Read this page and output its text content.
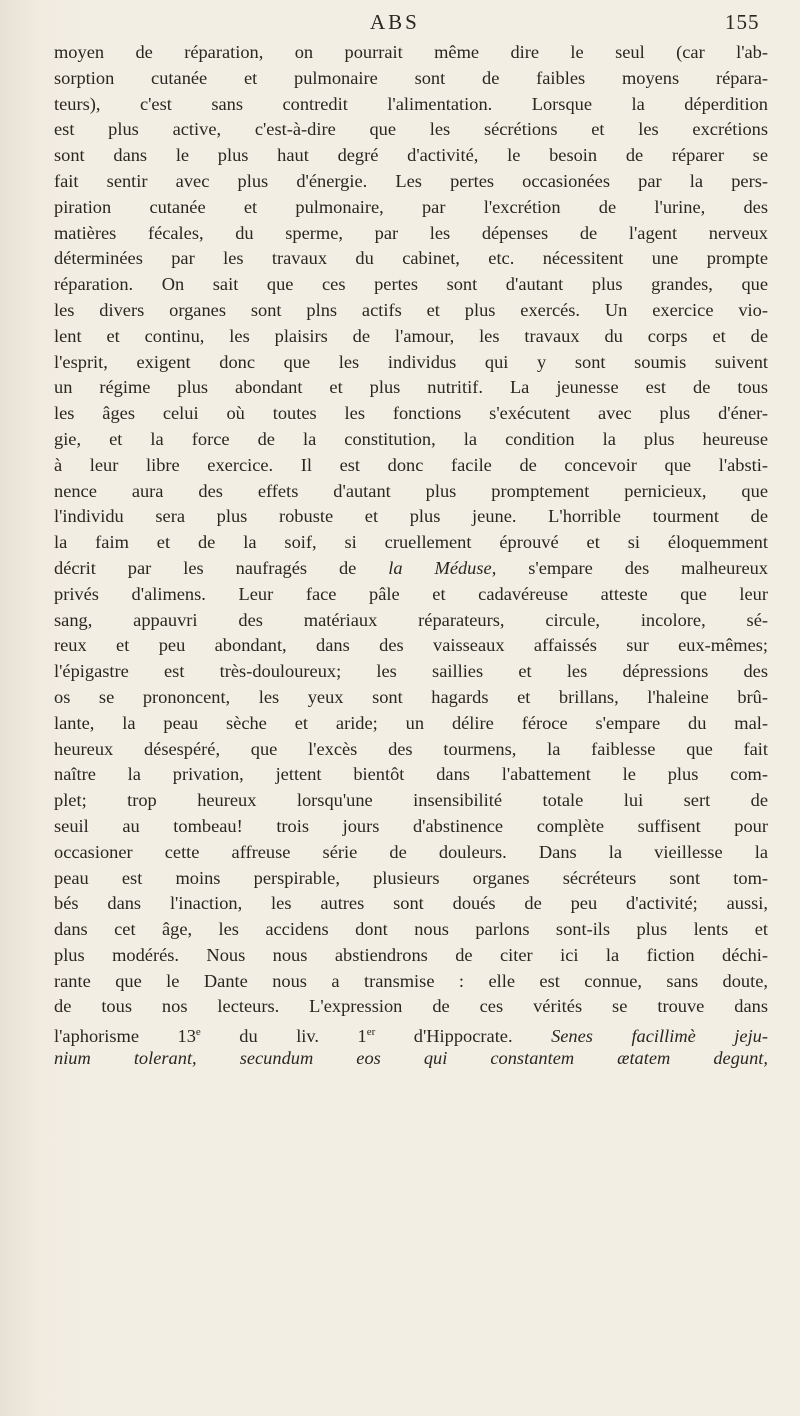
ABS	155
moyen de réparation, on pourrait même dire le seul (car l'ab-
sorption cutanée et pulmonaire sont de faibles moyens répara-
teurs), c'est sans contredit l'alimentation. Lorsque la déperdition
est plus active, c'est-à-dire que les sécrétions et les excrétions
sont dans le plus haut degré d'activité, le besoin de réparer se
fait sentir avec plus d'énergie. Les pertes occasionées par la pers-
piration cutanée et pulmonaire, par l'excrétion de l'urine, des
matières fécales, du sperme, par les dépenses de l'agent nerveux
déterminées par les travaux du cabinet, etc. nécessitent une prompte
réparation. On sait que ces pertes sont d'autant plus grandes, que
les divers organes sont plns actifs et plus exercés. Un exercice vio-
lent et continu, les plaisirs de l'amour, les travaux du corps et de
l'esprit, exigent donc que les individus qui y sont soumis suivent
un régime plus abondant et plus nutritif. La jeunesse est de tous
les âges celui où toutes les fonctions s'exécutent avec plus d'éner-
gie, et la force de la constitution, la condition la plus heureuse
à leur libre exercice. Il est donc facile de concevoir que l'absti-
nence aura des effets d'autant plus promptement pernicieux, que
l'individu sera plus robuste et plus jeune. L'horrible tourment de
la faim et de la soif, si cruellement éprouvé et si éloquemment
décrit par les naufragés de la Méduse, s'empare des malheureux
privés d'alimens. Leur face pâle et cadavéreuse atteste que leur
sang, appauvri des matériaux réparateurs, circule, incolore, sé-
reux et peu abondant, dans des vaisseaux affaissés sur eux-mêmes;
l'épigastre est très-douloureux; les saillies et les dépressions des
os se prononcent, les yeux sont hagards et brillans, l'haleine brû-
lante, la peau sèche et aride; un délire féroce s'empare du mal-
heureux désespéré, que l'excès des tourmens, la faiblesse que fait
naître la privation, jettent bientôt dans l'abattement le plus com-
plet; trop heureux lorsqu'une insensibilité totale lui sert de
seuil au tombeau! trois jours d'abstinence complète suffisent pour
occasioner cette affreuse série de douleurs. Dans la vieillesse la
peau est moins perspirable, plusieurs organes sécréteurs sont tom-
bés dans l'inaction, les autres sont doués de peu d'activité; aussi,
dans cet âge, les accidens dont nous parlons sont-ils plus lents et
plus modérés. Nous nous abstiendrons de citer ici la fiction déchi-
rante que le Dante nous a transmise : elle est connue, sans doute,
de tous nos lecteurs. L'expression de ces vérités se trouve dans
l'aphorisme 13e du liv. 1er d'Hippocrate. Senes facillimè jeju-
nium tolerant, secundum eos qui constantem ætatem degunt,
